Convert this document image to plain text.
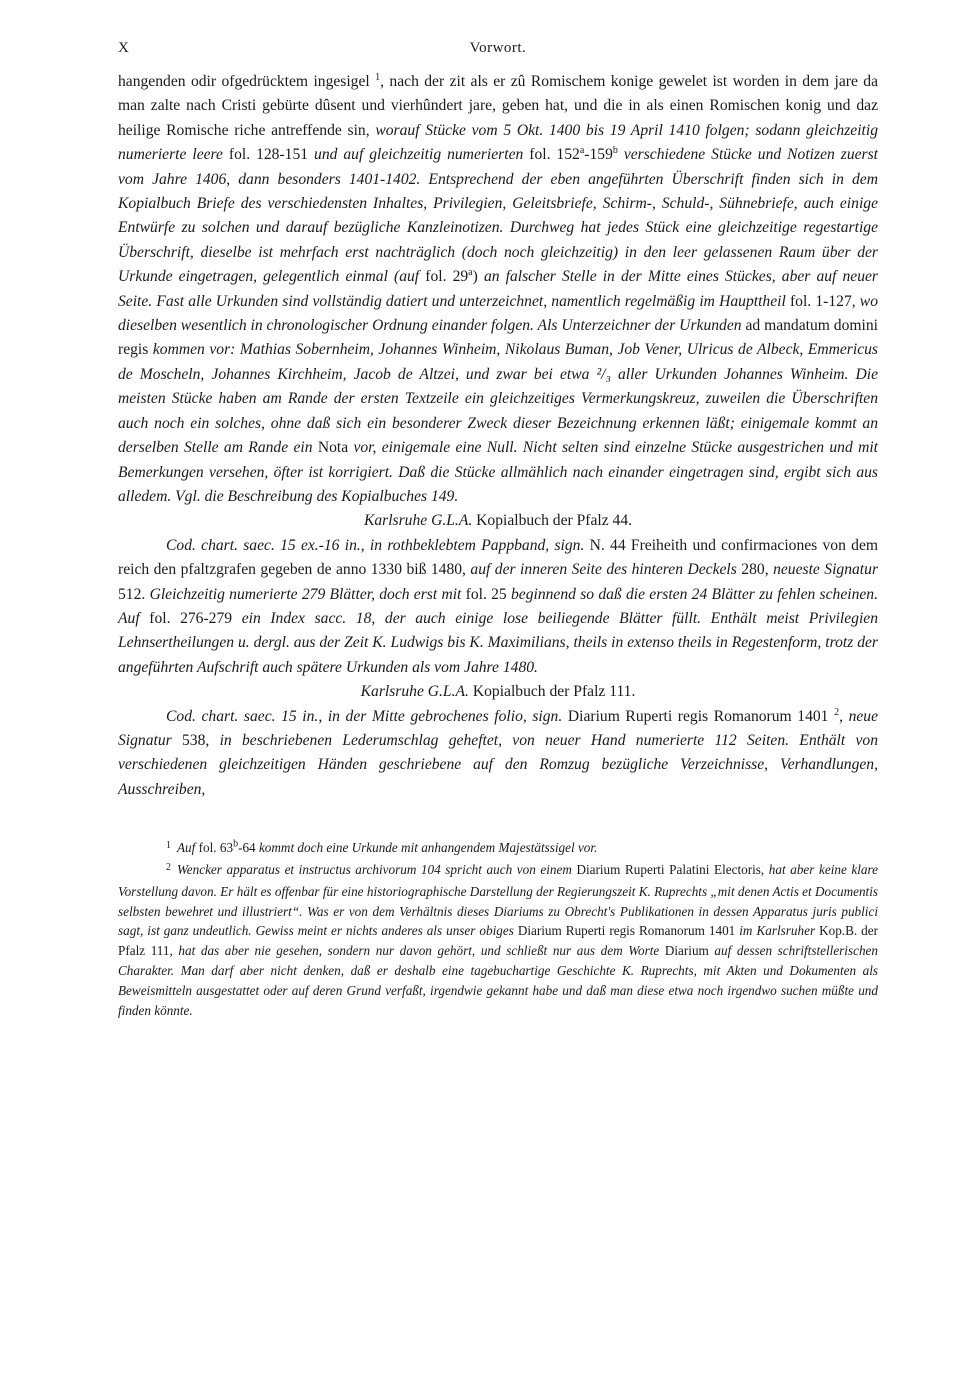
X	Vorwort.

hangenden odir ofgedrücktem ingesigel $^1$, nach der zit als er zû Romischem konige gewelet ist worden in dem jare da man zalte nach Cristi gebürte dûsent und vierhûndert jare, geben hat, und die in als einen Romischen konig und daz heilige Romische riche antreffende sin, worauf Stücke vom 5 Okt. 1400 bis 19 April 1410 folgen; sodann gleichzeitig numerierte leere fol. 128-151 und auf gleichzeitig numerierten fol. 152$^a$-159$^b$ verschiedene Stücke und Notizen zuerst vom Jahre 1406, dann besonders 1401-1402. Entsprechend der eben angeführten Überschrift finden sich in dem Kopialbuch Briefe des verschiedensten Inhaltes, Privilegien, Geleitsbriefe, Schirm-, Schuld-, Sühnebriefe, auch einige Entwürfe zu solchen und darauf bezügliche Kanzleinotizen. Durchweg hat jedes Stück eine gleichzeitige regestartige Überschrift, dieselbe ist mehrfach erst nachträglich (doch noch gleichzeitig) in den leer gelassenen Raum über der Urkunde eingetragen, gelegentlich einmal (auf fol. 29$^a$) an falscher Stelle in der Mitte eines Stückes, aber auf neuer Seite. Fast alle Urkunden sind vollständig datiert und unterzeichnet, namentlich regelmäßig im Haupttheil fol. 1-127, wo dieselben wesentlich in chronologischer Ordnung einander folgen. Als Unterzeichner der Urkunden ad mandatum domini regis kommen vor: Mathias Sobernheim, Johannes Winheim, Nikolaus Buman, Job Vener, Ulricus de Albeck, Emmericus de Moscheln, Johannes Kirchheim, Jacob de Altzei, und zwar bei etwa ²/₃ aller Urkunden Johannes Winheim. Die meisten Stücke haben am Rande der ersten Textzeile ein gleichzeitiges Vermerkungskreuz, zuweilen die Überschriften auch noch ein solches, ohne daß sich ein besonderer Zweck dieser Bezeichnung erkennen läßt; einigemale kommt an derselben Stelle am Rande ein Nota vor, einigemale eine Null. Nicht selten sind einzelne Stücke ausgestrichen und mit Bemerkungen versehen, öfter ist korrigiert. Daß die Stücke allmählich nach einander eingetragen sind, ergibt sich aus alledem. Vgl. die Beschreibung des Kopialbuches 149.

Karlsruhe G.L.A. Kopialbuch der Pfalz 44.

Cod. chart. saec. 15 ex.-16 in., in rothbeklebtem Pappband, sign. N. 44 Freiheith und confirmaciones von dem reich den pfaltzgrafen gegeben de anno 1330 biß 1480, auf der inneren Seite des hinteren Deckels 280, neueste Signatur 512. Gleichzeitig numerierte 279 Blätter, doch erst mit fol. 25 beginnend so daß die ersten 24 Blätter zu fehlen scheinen. Auf fol. 276-279 ein Index sacc. 18, der auch einige lose beiliegende Blätter füllt. Enthält meist Privilegien Lehnsertheilungen u. dergl. aus der Zeit K. Ludwigs bis K. Maximilians, theils in extenso theils in Regestenform, trotz der angeführten Aufschrift auch spätere Urkunden als vom Jahre 1480.

Karlsruhe G.L.A. Kopialbuch der Pfalz 111.

Cod. chart. saec. 15 in., in der Mitte gebrochenes folio, sign. Diarium Ruperti regis Romanorum 1401 $^2$, neue Signatur 538, in beschriebenen Lederumschlag geheftet, von neuer Hand numerierte 112 Seiten. Enthält von verschiedenen gleichzeitigen Händen geschriebene auf den Romzug bezügliche Verzeichnisse, Verhandlungen, Ausschreiben,

$^1$ Auf fol. 63$^b$-64 kommt doch eine Urkunde mit anhangendem Majestätssigel vor.

$^2$ Wencker apparatus et instructus archivorum 104 spricht auch von einem Diarium Ruperti Palatini Electoris, hat aber keine klare Vorstellung davon. Er hält es offenbar für eine historiographische Darstellung der Regierungszeit K. Ruprechts „mit denen Actis et Documentis selbsten bewehret und illustriert“. Was er von dem Verhältnis dieses Diariums zu Obrecht's Publikationen in dessen Apparatus juris publici sagt, ist ganz undeutlich. Gewiss meint er nichts anderes als unser obiges Diarium Ruperti regis Romanorum 1401 im Karlsruher Kop.B. der Pfalz 111, hat das aber nie gesehen, sondern nur davon gehört, und schließt nur aus dem Worte Diarium auf dessen schriftstellerischen Charakter. Man darf aber nicht denken, daß er deshalb eine tagebuchartige Geschichte K. Ruprechts, mit Akten und Dokumenten als Beweismitteln ausgestattet oder auf deren Grund verfaßt, irgendwie gekannt habe und daß man diese etwa noch irgendwo suchen müßte und finden könnte.
